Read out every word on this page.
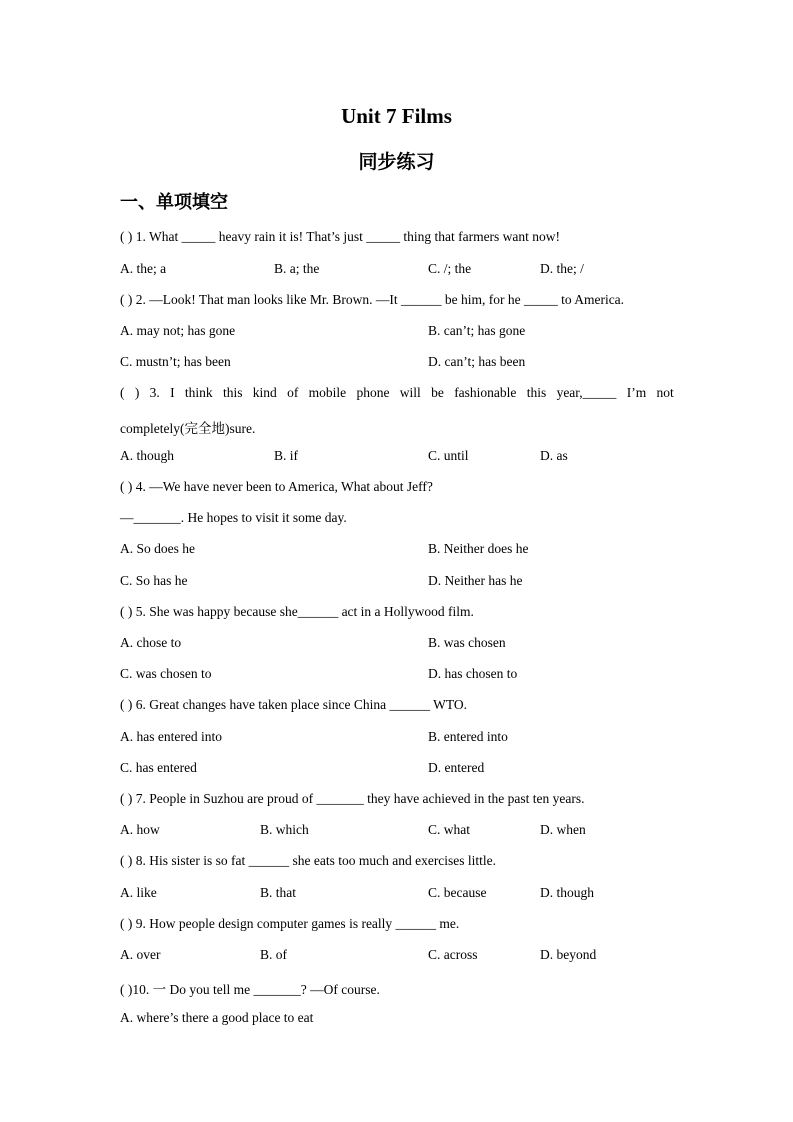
Unit 7 Films
同步练习
一、单项填空
( ) 1. What _____ heavy rain it is! That’s just _____ thing that farmers want now!
A. the; a	B. a; the	C. /; the	D. the; /
( ) 2. —Look! That man looks like Mr. Brown. —It ______ be him, for he _____ to America.
A. may not; has gone	B. can’t; has gone
C. mustn’t; has been	D. can’t; has been
( ) 3. I think this kind of mobile phone will be fashionable this year,_____ I’m not
completely(完全地)sure.
A. though	B. if	C. until	D. as
( ) 4. —We have never been to America, What about Jeff?
—_______. He hopes to visit it some day.
A. So does he	B. Neither does he
C. So has he	D. Neither has he
( ) 5. She was happy because she______ act in a Hollywood film.
A. chose to	B. was chosen
C. was chosen to	D. has chosen to
( ) 6. Great changes have taken place since China ______ WTO.
A. has entered into	B. entered into
C. has entered	D. entered
( ) 7. People in Suzhou are proud of _______ they have achieved in the past ten years.
A. how	B. which	C. what	D. when
( ) 8. His sister is so fat ______ she eats too much and exercises little.
A. like	B. that	C. because	D. though
( ) 9. How people design computer games is really ______ me.
A. over	B. of	C. across	D. beyond
( )10. 一 Do you tell me _______? —Of course.
A. where’s there a good place to eat
